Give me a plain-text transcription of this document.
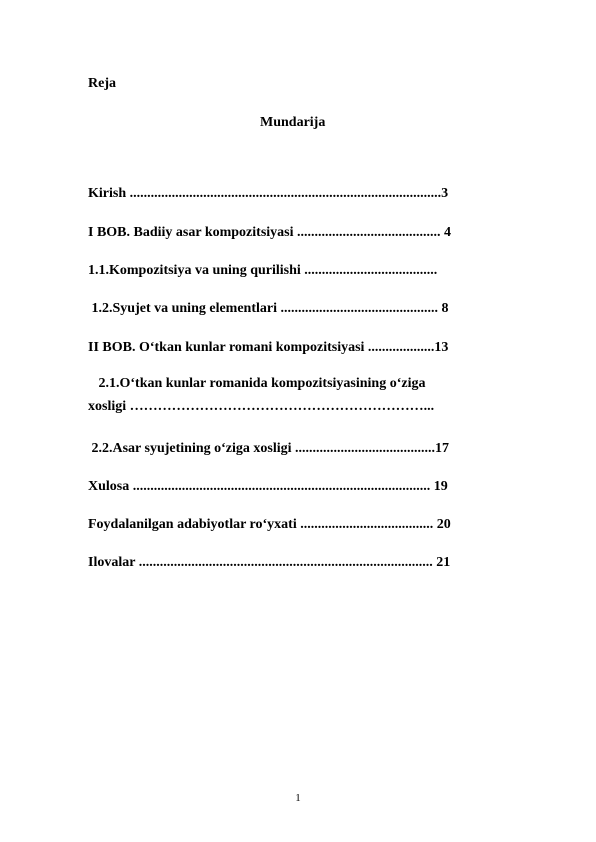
Reja
Mundarija
Kirish .........................................................................................3
I BOB. Badiiy asar kompozitsiyasi ......................................... 4
1.1.Kompozitsiya va uning qurilishi ......................................
1.2.Syujet va uning elementlari ............................................. 8
II BOB. O‘tkan kunlar romani kompozitsiyasi ...................13
2.1.O‘tkan kunlar romanida kompozitsiyasining o‘ziga
xosligi ………………………………………………………...
2.2.Asar syujetining o‘ziga xosligi ........................................17
Xulosa ..................................................................................... 19
Foydalanilgan adabiyotlar ro‘yxati ...................................... 20
Ilovalar .................................................................................... 21
1
